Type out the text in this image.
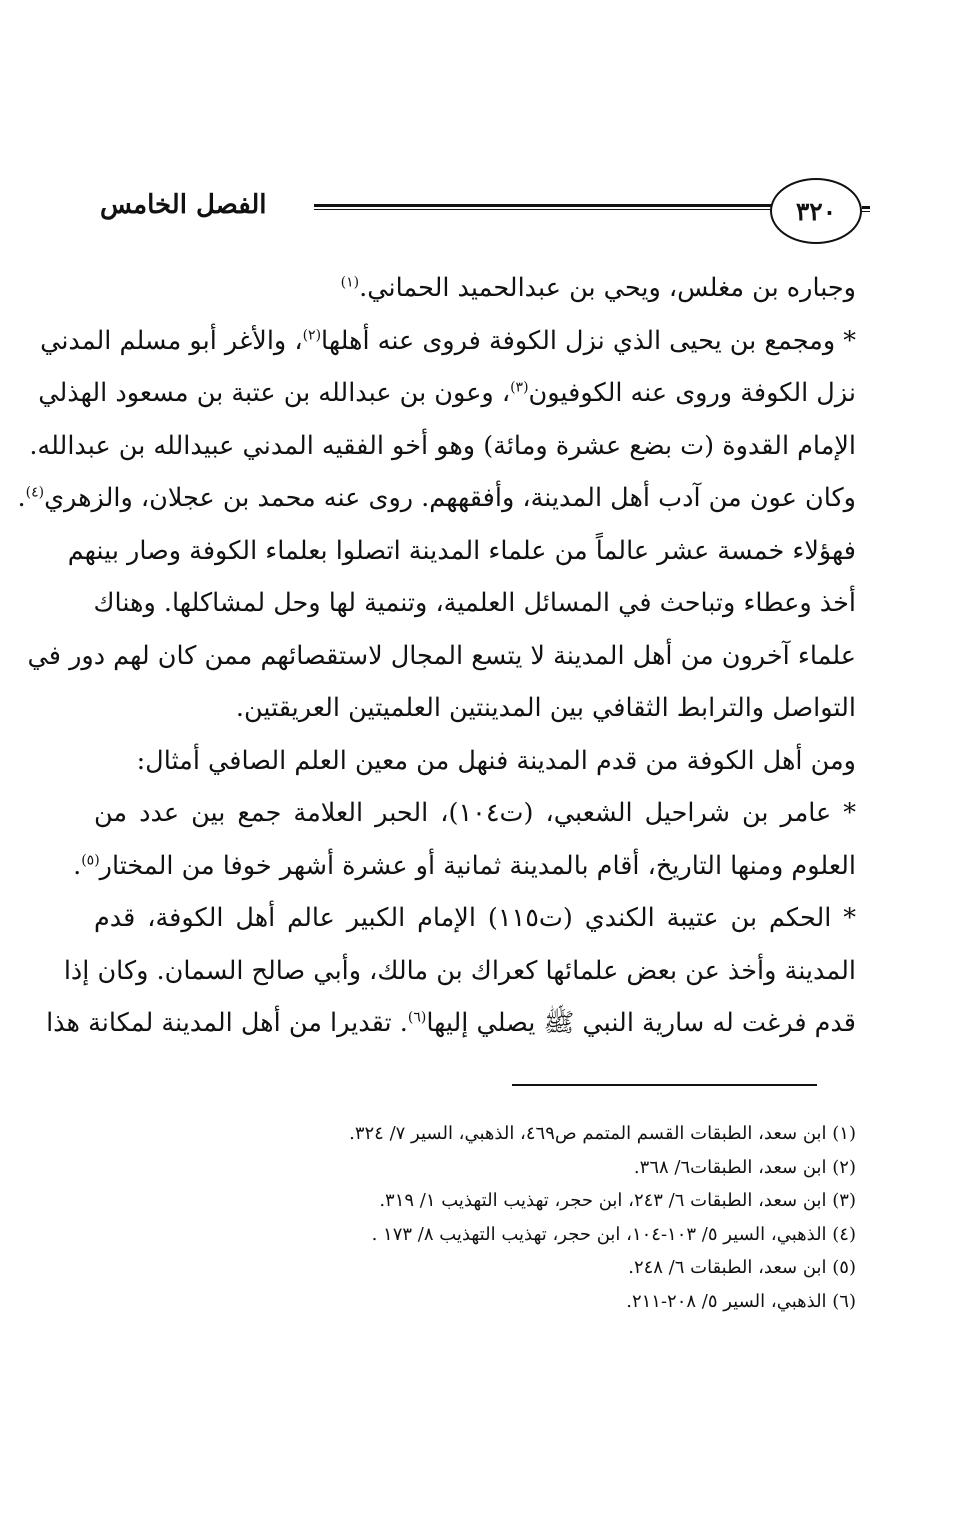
الفصل الخامس	٣٢٠
وجباره بن مغلس، ويحي بن عبدالحميد الحماني.$^{(١)}$
* ومجمع بن يحيى الذي نزل الكوفة فروى عنه أهلها$^{(٢)}$، والأغر أبو مسلم المدني
نزل الكوفة وروى عنه الكوفيون$^{(٣)}$، وعون بن عبدالله بن عتبة بن مسعود الهذلي
الإمام القدوة (ت بضع عشرة ومائة) وهو أخو الفقيه المدني عبيدالله بن عبدالله.
وكان عون من آدب أهل المدينة، وأفقههم. روى عنه محمد بن عجلان، والزهري$^{(٤)}$.
فهؤلاء خمسة عشر عالماً من علماء المدينة اتصلوا بعلماء الكوفة وصار بينهم
أخذ وعطاء وتباحث في المسائل العلمية، وتنمية لها وحل لمشاكلها. وهناك
علماء آخرون من أهل المدينة لا يتسع المجال لاستقصائهم ممن كان لهم دور في
التواصل والترابط الثقافي بين المدينتين العلميتين العريقتين.
ومن أهل الكوفة من قدم المدينة فنهل من معين العلم الصافي أمثال:
* عامر بن شراحيل الشعبي، (ت١٠٤)، الحبر العلامة جمع بين عدد من
العلوم ومنها التاريخ، أقام بالمدينة ثمانية أو عشرة أشهر خوفا من المختار$^{(٥)}$.
* الحكم بن عتيبة الكندي (ت١١٥) الإمام الكبير عالم أهل الكوفة، قدم
المدينة وأخذ عن بعض علمائها كعراك بن مالك، وأبي صالح السمان. وكان إذا
قدم فرغت له سارية النبي ﷺ يصلي إليها$^{(٦)}$. تقديرا من أهل المدينة لمكانة هذا
(١) ابن سعد، الطبقات القسم المتمم ص٤٦٩، الذهبي، السير ٧/ ٣٢٤.
(٢) ابن سعد، الطبقات٦/ ٣٦٨.
(٣) ابن سعد، الطبقات ٦/ ٢٤٣، ابن حجر، تهذيب التهذيب ١/ ٣١٩.
(٤) الذهبي، السير ٥/ ١٠٣-١٠٤، ابن حجر، تهذيب التهذيب ٨/ ١٧٣ .
(٥) ابن سعد، الطبقات ٦/ ٢٤٨.
(٦) الذهبي، السير ٥/ ٢٠٨-٢١١.
